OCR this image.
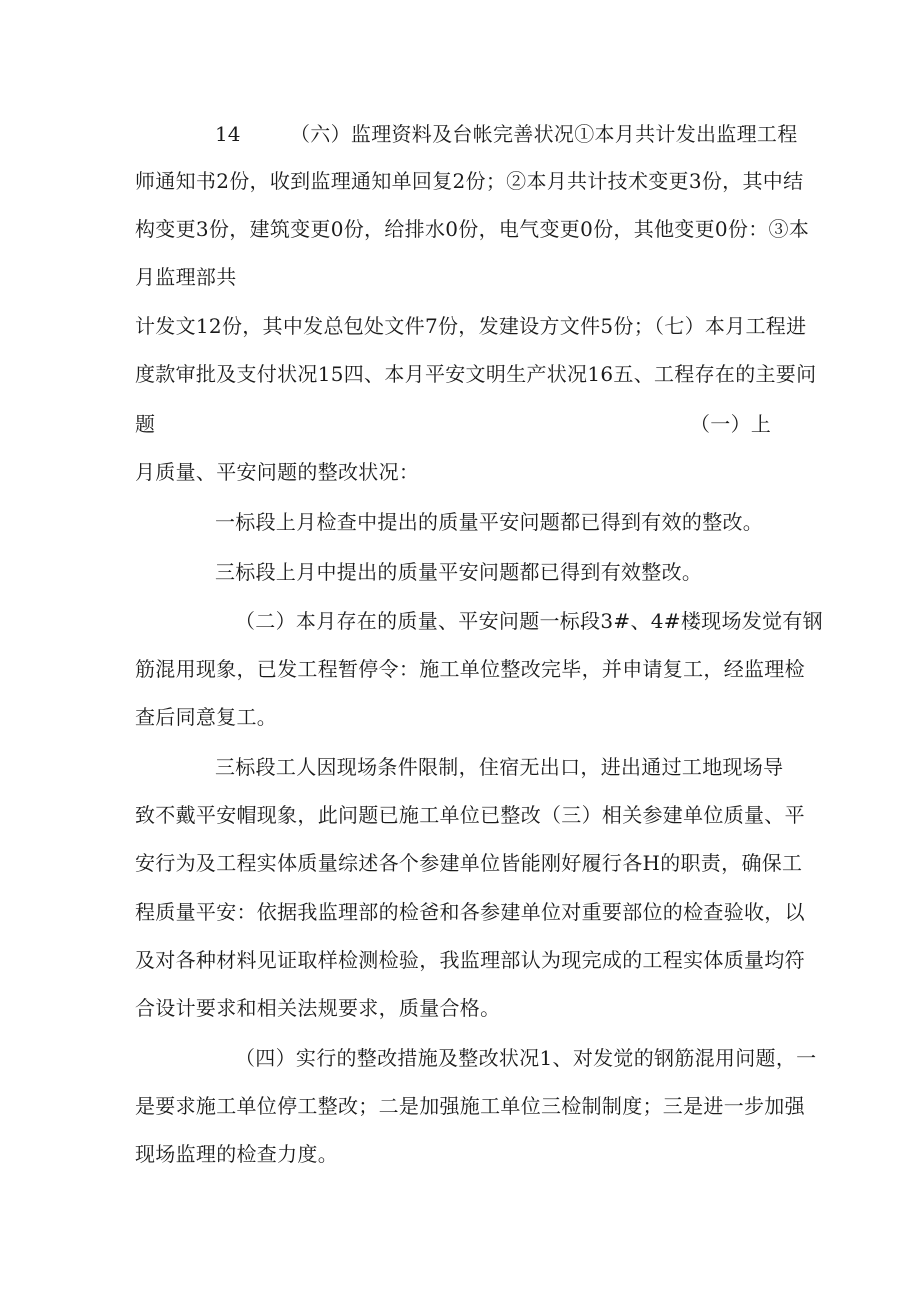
14 （六）监理资料及台帐完善状况①本月共计发出监理工程
师通知书2份，收到监理通知单回复2份；②本月共计技术变更3份，其中结
构变更3份，建筑变更0份，给排水0份，电气变更0份，其他变更0份：③本
月监理部共
计发文12份，其中发总包处文件7份，发建设方文件5份；（七）本月工程进
度款审批及支付状况15四、本月平安文明生产状况16五、工程存在的主要问
题	（一）上
月质量、平安问题的整改状况：
一标段上月检查中提出的质量平安问题都已得到有效的整改。
三标段上月中提出的质量平安问题都已得到有效整改。
（二）本月存在的质量、平安问题一标段3#、4#楼现场发觉有钢
筋混用现象，已发工程暂停令：施工单位整改完毕，并申请复工，经监理检
查后同意复工。
三标段工人因现场条件限制，住宿无出口，进出通过工地现场导
致不戴平安帽现象，此问题已施工单位已整改（三）相关参建单位质量、平
安行为及工程实体质量综述各个参建单位皆能刚好履行各H的职责，确保工
程质量平安：依据我监理部的检爸和各参建单位对重要部位的检查验收，以
及对各种材料见证取样检测检验，我监理部认为现完成的工程实体质量均符
合设计要求和相关法规要求，质量合格。
（四）实行的整改措施及整改状况1、对发觉的钢筋混用问题，一
是要求施工单位停工整改；二是加强施工单位三检制制度；三是进一步加强
现场监理的检查力度。
